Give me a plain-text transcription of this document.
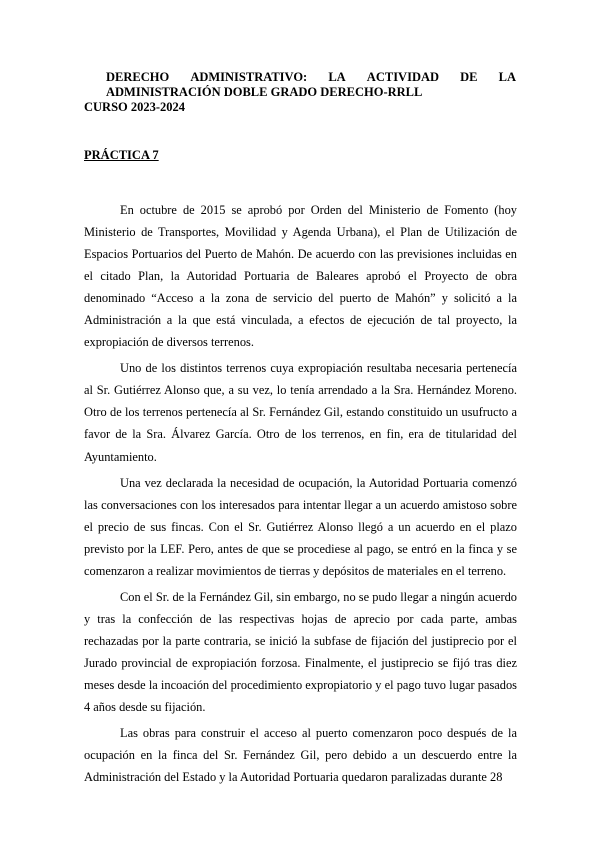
DERECHO ADMINISTRATIVO: LA ACTIVIDAD DE LA
ADMINISTRACIÓN DOBLE GRADO DERECHO-RRLL
CURSO 2023-2024
PRÁCTICA 7

En octubre de 2015 se aprobó por Orden del Ministerio de Fomento (hoy Ministerio de Transportes, Movilidad y Agenda Urbana), el Plan de Utilización de Espacios Portuarios del Puerto de Mahón. De acuerdo con las previsiones incluidas en el citado Plan, la Autoridad Portuaria de Baleares aprobó el Proyecto de obra denominado “Acceso a la zona de servicio del puerto de Mahón” y solicitó a la Administración a la que está vinculada, a efectos de ejecución de tal proyecto, la expropiación de diversos terrenos.

Uno de los distintos terrenos cuya expropiación resultaba necesaria pertenecía al Sr. Gutiérrez Alonso que, a su vez, lo tenía arrendado a la Sra. Hernández Moreno. Otro de los terrenos pertenecía al Sr. Fernández Gil, estando constituido un usufructo a favor de la Sra. Álvarez García. Otro de los terrenos, en fin, era de titularidad del Ayuntamiento.

Una vez declarada la necesidad de ocupación, la Autoridad Portuaria comenzó las conversaciones con los interesados para intentar llegar a un acuerdo amistoso sobre el precio de sus fincas. Con el Sr. Gutiérrez Alonso llegó a un acuerdo en el plazo previsto por la LEF. Pero, antes de que se procediese al pago, se entró en la finca y se comenzaron a realizar movimientos de tierras y depósitos de materiales en el terreno.

Con el Sr. de la Fernández Gil, sin embargo, no se pudo llegar a ningún acuerdo y tras la confección de las respectivas hojas de aprecio por cada parte, ambas rechazadas por la parte contraria, se inició la subfase de fijación del justiprecio por el Jurado provincial de expropiación forzosa. Finalmente, el justiprecio se fijó tras diez meses desde la incoación del procedimiento expropiatorio y el pago tuvo lugar pasados 4 años desde su fijación.

Las obras para construir el acceso al puerto comenzaron poco después de la ocupación en la finca del Sr. Fernández Gil, pero debido a un descuerdo entre la Administración del Estado y la Autoridad Portuaria quedaron paralizadas durante 28
